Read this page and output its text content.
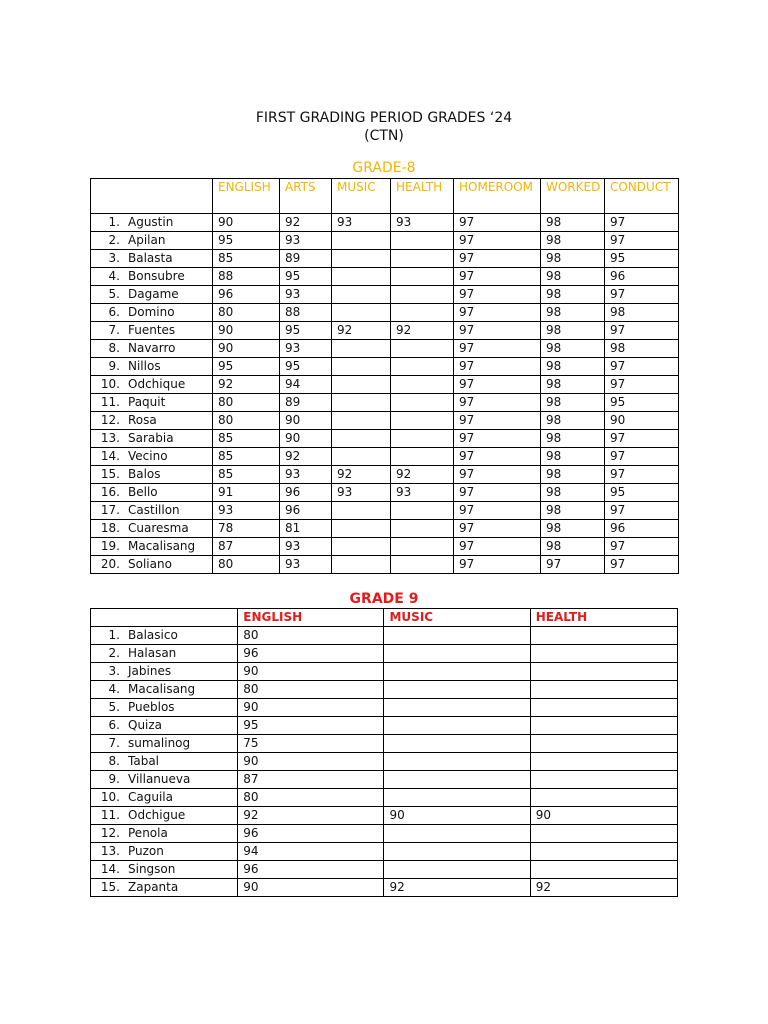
FIRST GRADING PERIOD GRADES ‘24
(CTN)
GRADE-8
	ENGLISH	ARTS	MUSIC	HEALTH	HOMEROOM	WORKED	CONDUCT
1. Agustin	90	92	93	93	97	98	97
2. Apilan	95	93			97	98	97
3. Balasta	85	89			97	98	95
4. Bonsubre	88	95			97	98	96
5. Dagame	96	93			97	98	97
6. Domino	80	88			97	98	98
7. Fuentes	90	95	92	92	97	98	97
8. Navarro	90	93			97	98	98
9. Nillos	95	95			97	98	97
10. Odchique	92	94			97	98	97
11. Paquit	80	89			97	98	95
12. Rosa	80	90			97	98	90
13. Sarabia	85	90			97	98	97
14. Vecino	85	92			97	98	97
15. Balos	85	93	92	92	97	98	97
16. Bello	91	96	93	93	97	98	95
17. Castillon	93	96			97	98	97
18. Cuaresma	78	81			97	98	96
19. Macalisang	87	93			97	98	97
20. Soliano	80	93			97	97	97
GRADE 9
	ENGLISH	MUSIC	HEALTH
1. Balasico	80		
2. Halasan	96		
3. Jabines	90		
4. Macalisang	80		
5. Pueblos	90		
6. Quiza	95		
7. sumalinog	75		
8. Tabal	90		
9. Villanueva	87		
10. Caguila	80		
11. Odchigue	92	90	90
12. Penola	96		
13. Puzon	94		
14. Singson	96		
15. Zapanta	90	92	92
